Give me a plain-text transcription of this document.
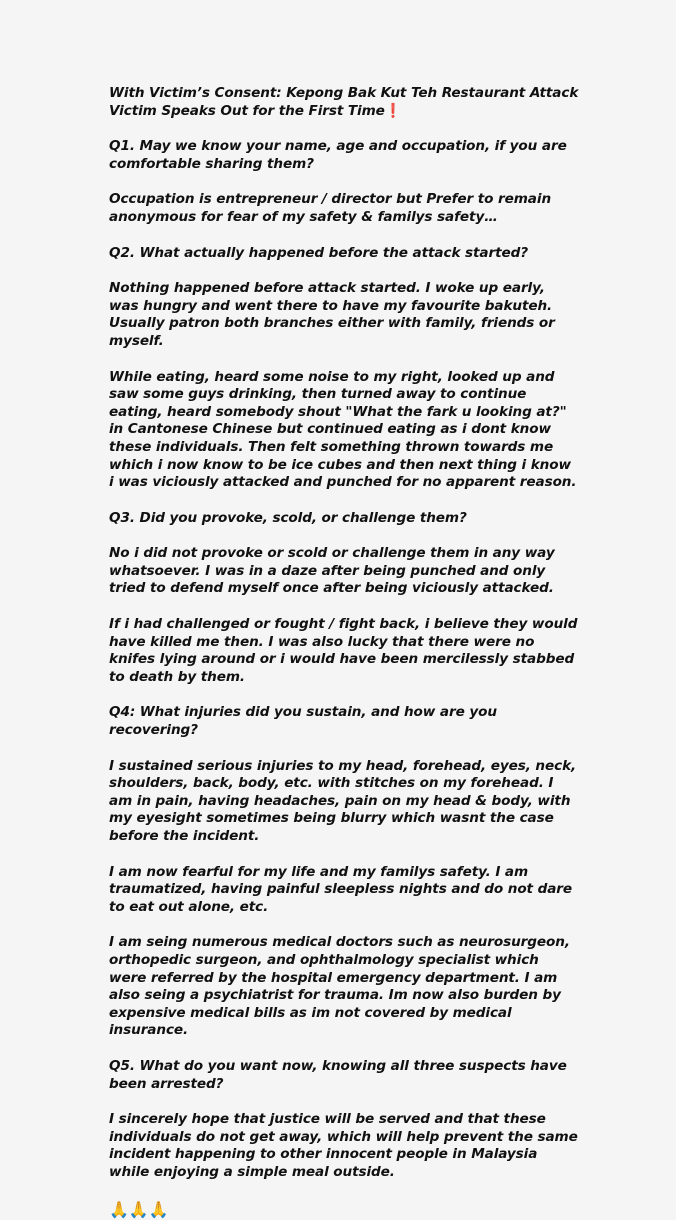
With Victim’s Consent: Kepong Bak Kut Teh Restaurant Attack Victim Speaks Out for the First Time❗

Q1. May we know your name, age and occupation, if you are comfortable sharing them?

Occupation is entrepreneur / director but Prefer to remain anonymous for fear of my safety & familys safety…

Q2. What actually happened before the attack started?

Nothing happened before attack started. I woke up early, was hungry and went there to have my favourite bakuteh. Usually patron both branches either with family, friends or myself.

While eating, heard some noise to my right, looked up and saw some guys drinking, then turned away to continue eating, heard somebody shout "What the fark u looking at?" in Cantonese Chinese but continued eating as i dont know these individuals. Then felt something thrown towards me which i now know to be ice cubes and then next thing i know i was viciously attacked and punched for no apparent reason.

Q3. Did you provoke, scold, or challenge them?

No i did not provoke or scold or challenge them in any way whatsoever. I was in a daze after being punched and only tried to defend myself once after being viciously attacked.

If i had challenged or fought / fight back, i believe they would have killed me then. I was also lucky that there were no knifes lying around or i would have been mercilessly stabbed to death by them.

Q4: What injuries did you sustain, and how are you recovering?

I sustained serious injuries to my head, forehead, eyes, neck, shoulders, back, body, etc. with stitches on my forehead. I am in pain, having headaches, pain on my head & body, with my eyesight sometimes being blurry which wasnt the case before the incident.

I am now fearful for my life and my familys safety. I am traumatized, having painful sleepless nights and do not dare to eat out alone, etc.

I am seing numerous medical doctors such as neurosurgeon, orthopedic surgeon, and ophthalmology specialist which were referred by the hospital emergency department. I am also seing a psychiatrist for trauma. Im now also burden by expensive medical bills as im not covered by medical insurance.

Q5. What do you want now, knowing all three suspects have been arrested?

I sincerely hope that justice will be served and that these individuals do not get away, which will help prevent the same incident happening to other innocent people in Malaysia while enjoying a simple meal outside.

🙏🙏🙏
